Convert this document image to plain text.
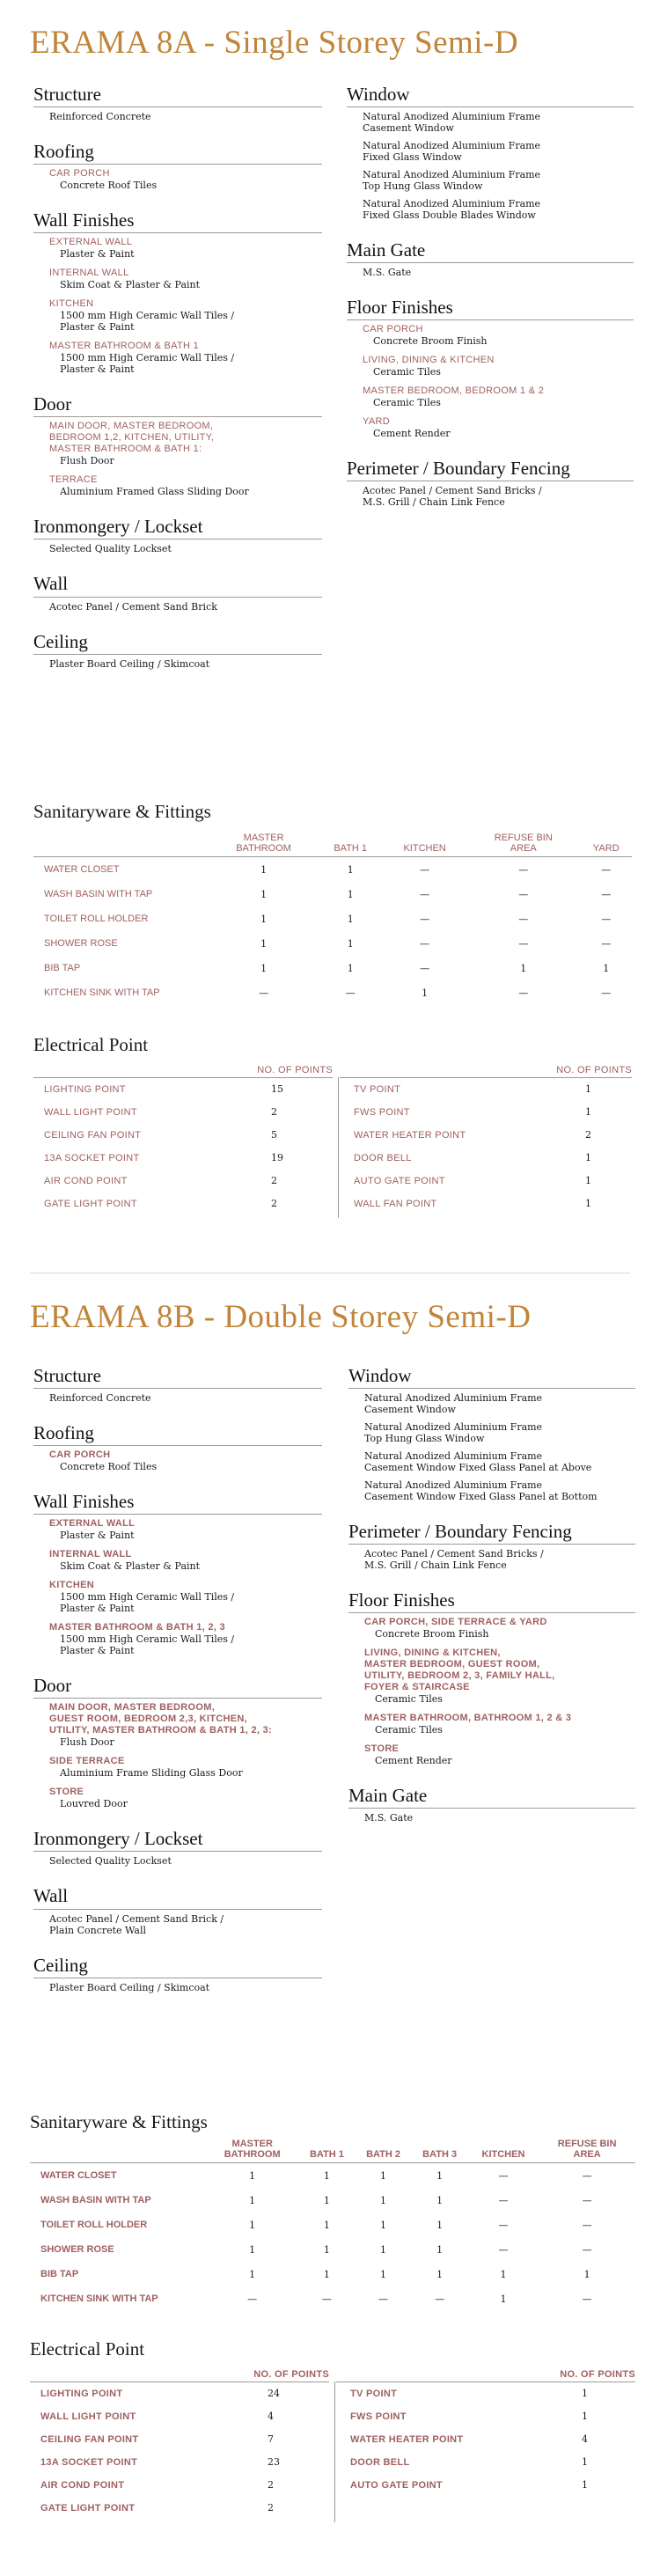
ERAMA 8A - Single Storey Semi-D
Structure
Reinforced Concrete
Roofing
CAR PORCH
Concrete Roof Tiles
Wall Finishes
EXTERNAL WALL
Plaster & Paint
INTERNAL WALL
Skim Coat & Plaster & Paint
KITCHEN
1500 mm High Ceramic Wall Tiles /
Plaster & Paint
MASTER BATHROOM & BATH 1
1500 mm High Ceramic Wall Tiles /
Plaster & Paint
Door
MAIN DOOR, MASTER BEDROOM,
BEDROOM 1,2, KITCHEN, UTILITY,
MASTER BATHROOM & BATH 1:
Flush Door
TERRACE
Aluminium Framed Glass Sliding Door
Ironmongery / Lockset
Selected Quality Lockset
Wall
Acotec Panel / Cement Sand Brick
Ceiling
Plaster Board Ceiling / Skimcoat
Window
Natural Anodized Aluminium Frame
Casement Window
Natural Anodized Aluminium Frame
Fixed Glass Window
Natural Anodized Aluminium Frame
Top Hung Glass Window
Natural Anodized Aluminium Frame
Fixed Glass Double Blades Window
Main Gate
M.S. Gate
Floor Finishes
CAR PORCH
Concrete Broom Finish
LIVING, DINING & KITCHEN
Ceramic Tiles
MASTER BEDROOM, BEDROOM 1 & 2
Ceramic Tiles
YARD
Cement Render
Perimeter / Boundary Fencing
Acotec Panel / Cement Sand Bricks /
M.S. Grill / Chain Link Fence
Sanitaryware & Fittings
	MASTER
BATHROOM	BATH 1	KITCHEN	REFUSE BIN
AREA	YARD
WATER CLOSET	1	1	—	—	—
WASH BASIN WITH TAP	1	1	—	—	—
TOILET ROLL HOLDER	1	1	—	—	—
SHOWER ROSE	1	1	—	—	—
BIB TAP	1	1	—	1	1
KITCHEN SINK WITH TAP	—	—	1	—	—
Electrical Point
NO. OF POINTS
LIGHTING POINT	15
WALL LIGHT POINT	2
CEILING FAN POINT	5
13A SOCKET POINT	19
AIR COND POINT	2
GATE LIGHT POINT	2
NO. OF POINTS
TV POINT	1
FWS POINT	1
WATER HEATER POINT	2
DOOR BELL	1
AUTO GATE POINT	1
WALL FAN POINT	1
ERAMA 8B - Double Storey Semi-D
Structure
Reinforced Concrete
Roofing
CAR PORCH
Concrete Roof Tiles
Wall Finishes
EXTERNAL WALL
Plaster & Paint
INTERNAL WALL
Skim Coat & Plaster & Paint
KITCHEN
1500 mm High Ceramic Wall Tiles /
Plaster & Paint
MASTER BATHROOM & BATH 1, 2, 3
1500 mm High Ceramic Wall Tiles /
Plaster & Paint
Door
MAIN DOOR, MASTER BEDROOM,
GUEST ROOM, BEDROOM 2,3, KITCHEN,
UTILITY, MASTER BATHROOM & BATH 1, 2, 3:
Flush Door
SIDE TERRACE
Aluminium Frame Sliding Glass Door
STORE
Louvred Door
Ironmongery / Lockset
Selected Quality Lockset
Wall
Acotec Panel / Cement Sand Brick /
Plain Concrete Wall
Ceiling
Plaster Board Ceiling / Skimcoat
Window
Natural Anodized Aluminium Frame
Casement Window
Natural Anodized Aluminium Frame
Top Hung Glass Window
Natural Anodized Aluminium Frame
Casement Window Fixed Glass Panel at Above
Natural Anodized Aluminium Frame
Casement Window Fixed Glass Panel at Bottom
Perimeter / Boundary Fencing
Acotec Panel / Cement Sand Bricks /
M.S. Grill / Chain Link Fence
Floor Finishes
CAR PORCH, SIDE TERRACE & YARD
Concrete Broom Finish
LIVING, DINING & KITCHEN,
MASTER BEDROOM, GUEST ROOM,
UTILITY, BEDROOM 2, 3, FAMILY HALL,
FOYER & STAIRCASE
Ceramic Tiles
MASTER BATHROOM, BATHROOM 1, 2 & 3
Ceramic Tiles
STORE
Cement Render
Main Gate
M.S. Gate
Sanitaryware & Fittings
	MASTER
BATHROOM	BATH 1	BATH 2	BATH 3	KITCHEN	REFUSE BIN
AREA
WATER CLOSET	1	1	1	1	—	—
WASH BASIN WITH TAP	1	1	1	1	—	—
TOILET ROLL HOLDER	1	1	1	1	—	—
SHOWER ROSE	1	1	1	1	—	—
BIB TAP	1	1	1	1	1	1
KITCHEN SINK WITH TAP	—	—	—	—	1	—
Electrical Point
NO. OF POINTS
LIGHTING POINT	24
WALL LIGHT POINT	4
CEILING FAN POINT	7
13A SOCKET POINT	23
AIR COND POINT	2
GATE LIGHT POINT	2
NO. OF POINTS
TV POINT	1
FWS POINT	1
WATER HEATER POINT	4
DOOR BELL	1
AUTO GATE POINT	1
